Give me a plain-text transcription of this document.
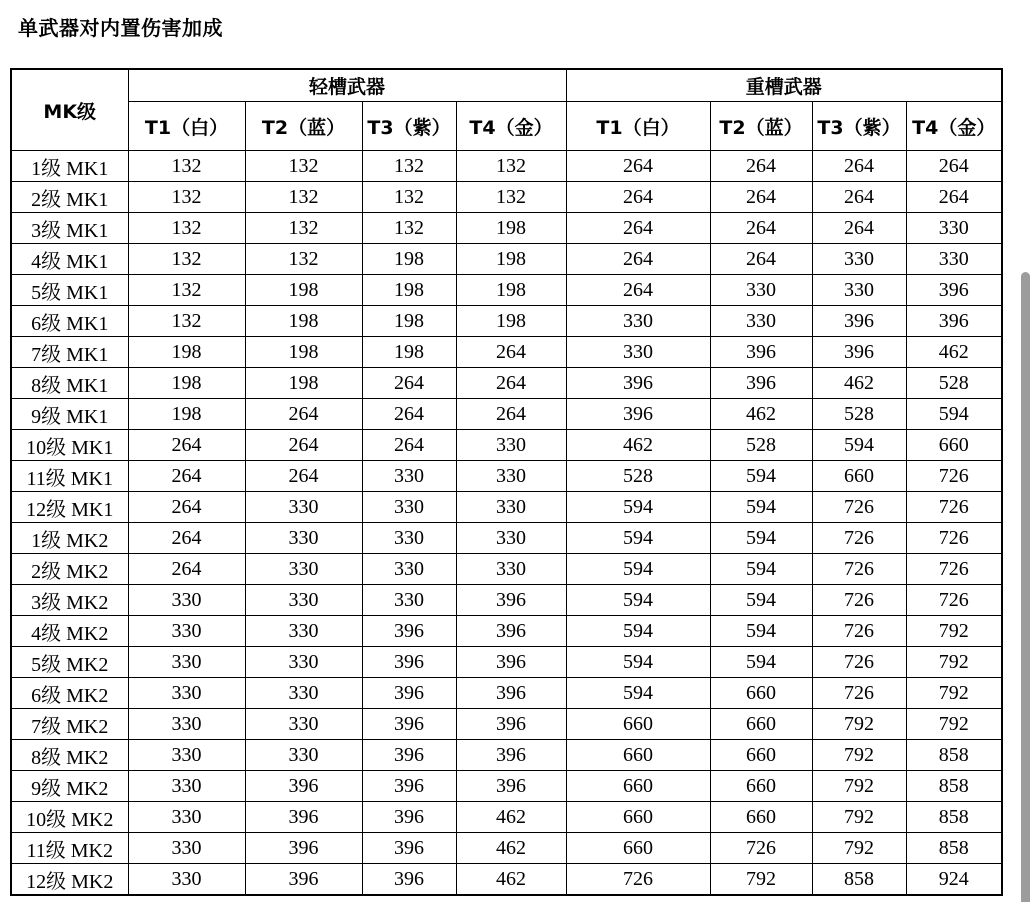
单武器对内置伤害加成
MK级	轻槽武器				重槽武器			
	T1（白）	T2（蓝）	T3（紫）	T4（金）	T1（白）	T2（蓝）	T3（紫）	T4（金）
1级 MK1	132	132	132	132	264	264	264	264
2级 MK1	132	132	132	132	264	264	264	264
3级 MK1	132	132	132	198	264	264	264	330
4级 MK1	132	132	198	198	264	264	330	330
5级 MK1	132	198	198	198	264	330	330	396
6级 MK1	132	198	198	198	330	330	396	396
7级 MK1	198	198	198	264	330	396	396	462
8级 MK1	198	198	264	264	396	396	462	528
9级 MK1	198	264	264	264	396	462	528	594
10级 MK1	264	264	264	330	462	528	594	660
11级 MK1	264	264	330	330	528	594	660	726
12级 MK1	264	330	330	330	594	594	726	726
1级 MK2	264	330	330	330	594	594	726	726
2级 MK2	264	330	330	330	594	594	726	726
3级 MK2	330	330	330	396	594	594	726	726
4级 MK2	330	330	396	396	594	594	726	792
5级 MK2	330	330	396	396	594	594	726	792
6级 MK2	330	330	396	396	594	660	726	792
7级 MK2	330	330	396	396	660	660	792	792
8级 MK2	330	330	396	396	660	660	792	858
9级 MK2	330	396	396	396	660	660	792	858
10级 MK2	330	396	396	462	660	660	792	858
11级 MK2	330	396	396	462	660	726	792	858
12级 MK2	330	396	396	462	726	792	858	924
